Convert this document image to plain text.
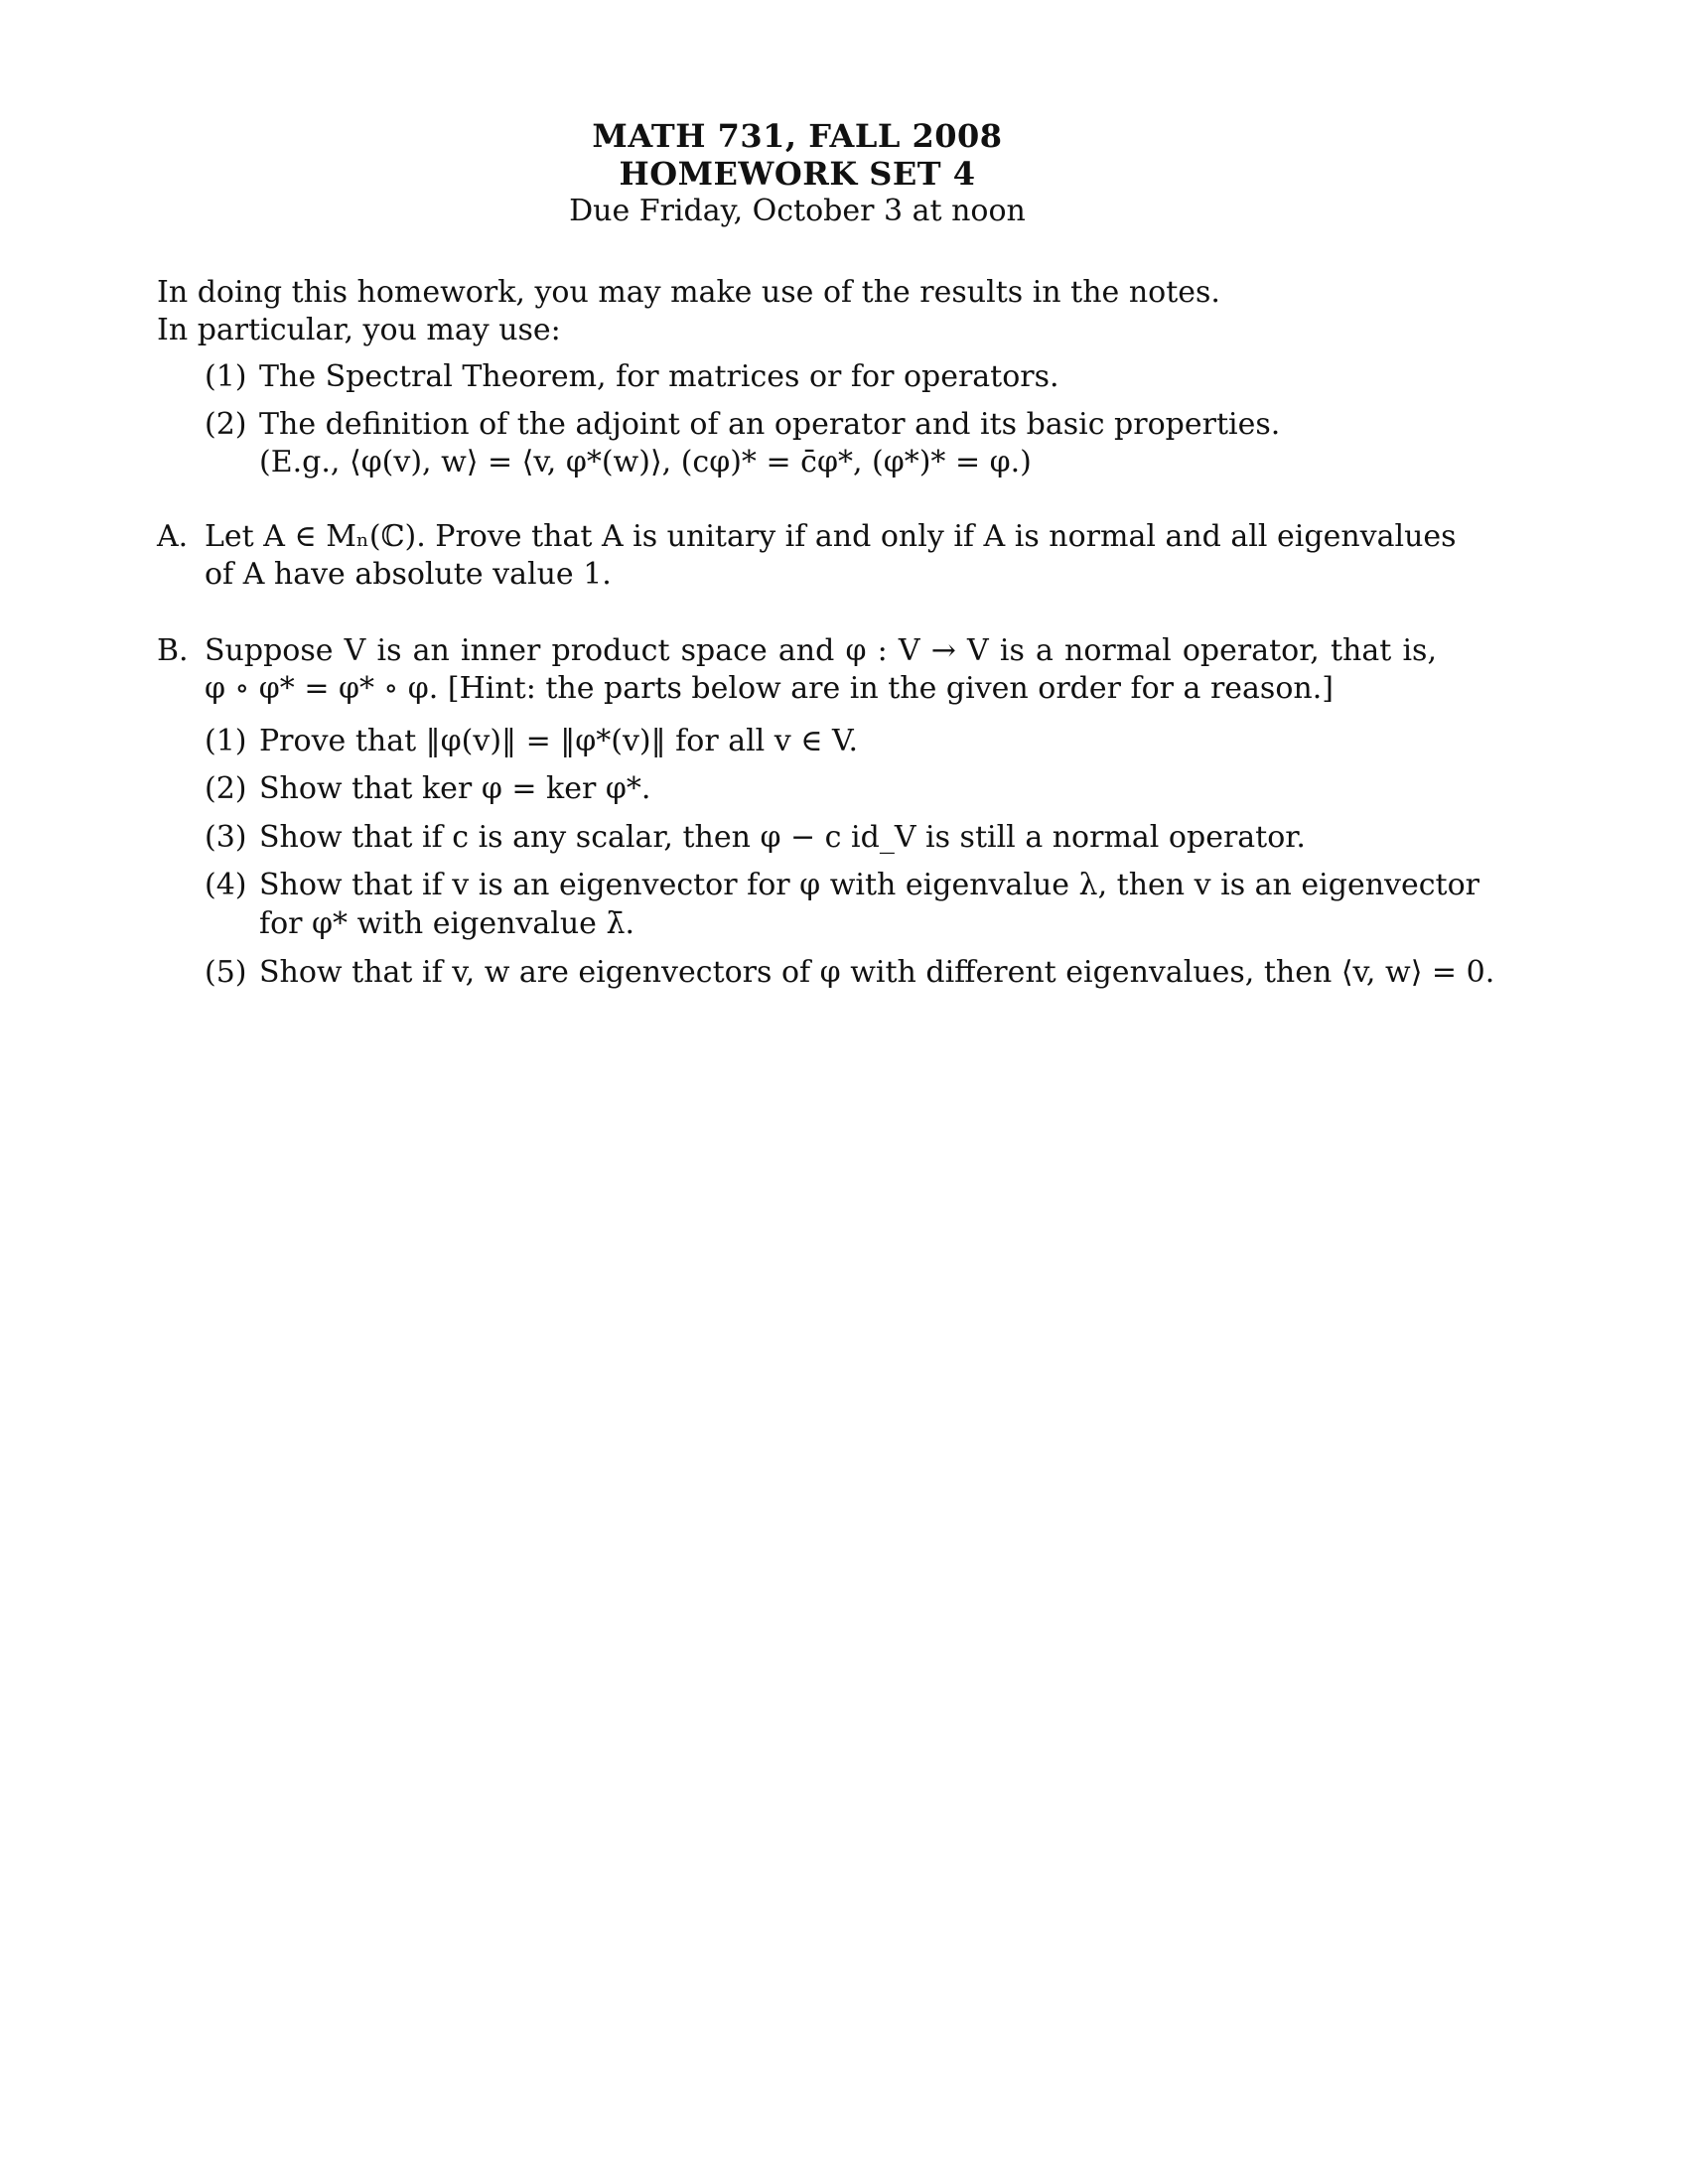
MATH 731, FALL 2008
HOMEWORK SET 4
Due Friday, October 3 at noon
In doing this homework, you may make use of the results in the notes.
In particular, you may use:
(1) The Spectral Theorem, for matrices or for operators.
(2) The definition of the adjoint of an operator and its basic properties.
(E.g., ⟨φ(v), w⟩ = ⟨v, φ*(w)⟩, (cφ)* = c̄φ*, (φ*)* = φ.)
A. Let A ∈ Mₙ(ℂ). Prove that A is unitary if and only if A is normal and all eigenvalues
of A have absolute value 1.
B. Suppose V is an inner product space and φ : V → V is a normal operator, that is,
φ ∘ φ* = φ* ∘ φ. [Hint: the parts below are in the given order for a reason.]
(1) Prove that ‖φ(v)‖ = ‖φ*(v)‖ for all v ∈ V.
(2) Show that ker φ = ker φ*.
(3) Show that if c is any scalar, then φ − c id_V is still a normal operator.
(4) Show that if v is an eigenvector for φ with eigenvalue λ, then v is an eigenvector
for φ* with eigenvalue λ̄.
(5) Show that if v, w are eigenvectors of φ with different eigenvalues, then ⟨v, w⟩ = 0.
